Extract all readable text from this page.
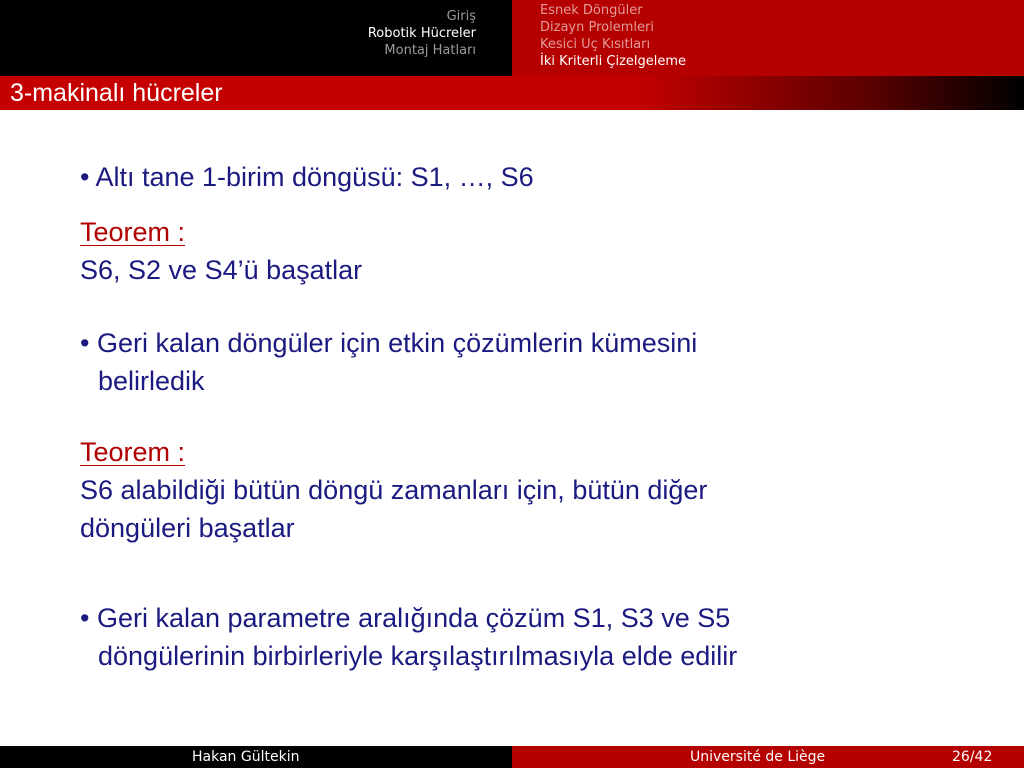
Giriş
Robotik Hücreler
Montaj Hatları
Esnek Döngüler
Dizayn Prolemleri
Kesici Uç Kısıtları
İki Kriterli Çizelgeleme
3-makinalı hücreler
• Altı tane 1-birim döngüsü: S1, …, S6
Teorem :
S6, S2 ve S4’ü başatlar
• Geri kalan döngüler için etkin çözümlerin kümesini
belirledik
Teorem :
S6 alabildiği bütün döngü zamanları için, bütün diğer
döngüleri başatlar
• Geri kalan parametre aralığında çözüm S1, S3 ve S5
döngülerinin birbirleriyle karşılaştırılmasıyla elde edilir
Hakan Gültekin	Université de Liège	26/42
